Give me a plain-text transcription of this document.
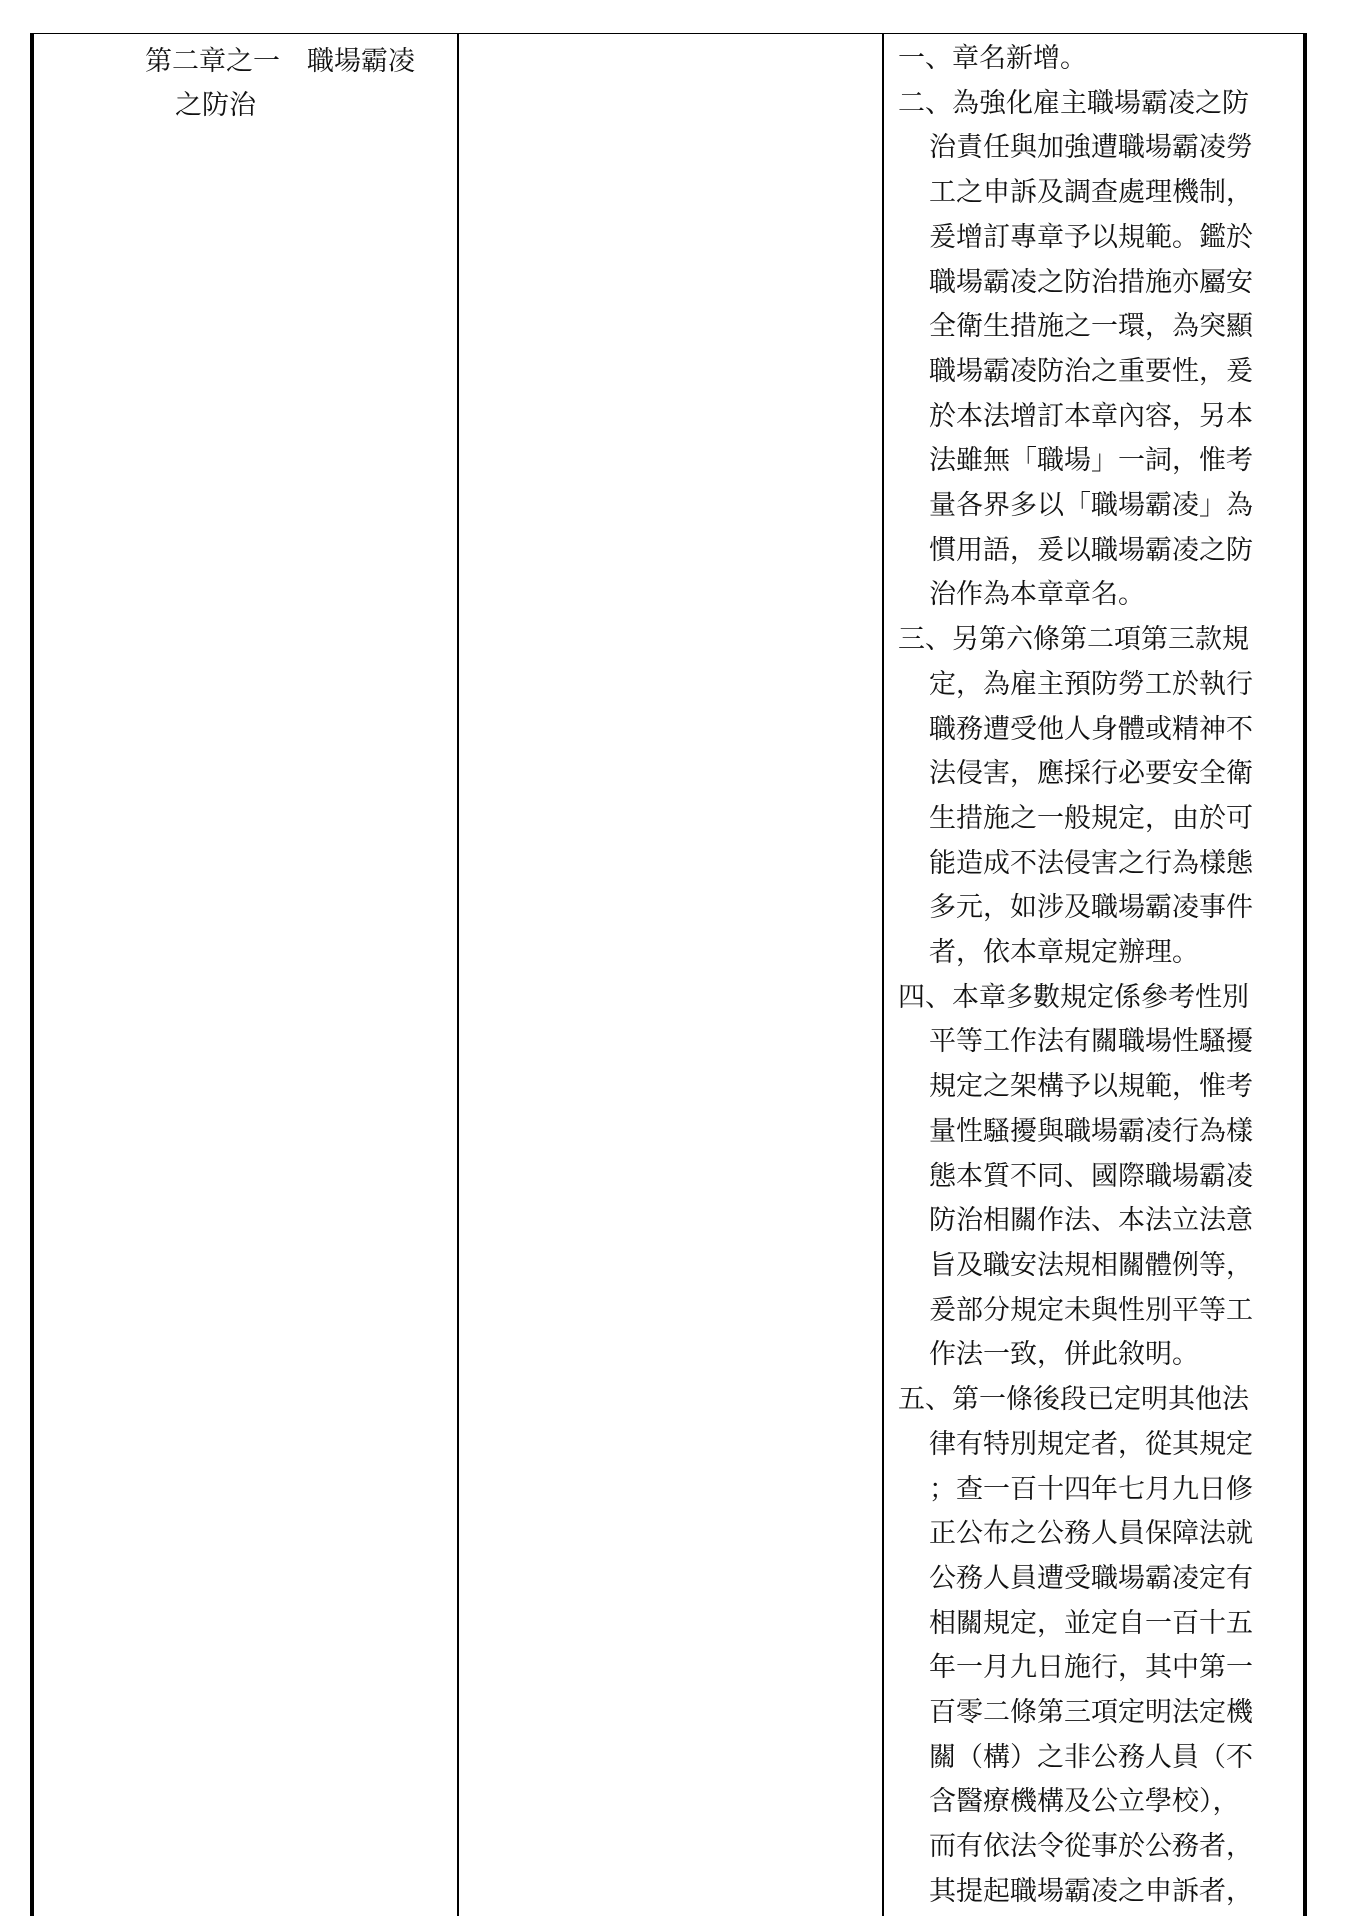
第二章之一　職場霸凌
之防治
一、章名新增。
二、為強化雇主職場霸凌之防
治責任與加強遭職場霸凌勞
工之申訴及調查處理機制，
爰增訂專章予以規範。鑑於
職場霸凌之防治措施亦屬安
全衛生措施之一環，為突顯
職場霸凌防治之重要性，爰
於本法增訂本章內容，另本
法雖無「職場」一詞，惟考
量各界多以「職場霸凌」為
慣用語，爰以職場霸凌之防
治作為本章章名。
三、另第六條第二項第三款規
定，為雇主預防勞工於執行
職務遭受他人身體或精神不
法侵害，應採行必要安全衛
生措施之一般規定，由於可
能造成不法侵害之行為樣態
多元，如涉及職場霸凌事件
者，依本章規定辦理。
四、本章多數規定係參考性別
平等工作法有關職場性騷擾
規定之架構予以規範，惟考
量性騷擾與職場霸凌行為樣
態本質不同、國際職場霸凌
防治相關作法、本法立法意
旨及職安法規相關體例等，
爰部分規定未與性別平等工
作法一致，併此敘明。
五、第一條後段已定明其他法
律有特別規定者，從其規定
；查一百十四年七月九日修
正公布之公務人員保障法就
公務人員遭受職場霸凌定有
相關規定，並定自一百十五
年一月九日施行，其中第一
百零二條第三項定明法定機
關（構）之非公務人員（不
含醫療機構及公立學校），
而有依法令從事於公務者，
其提起職場霸凌之申訴者，
